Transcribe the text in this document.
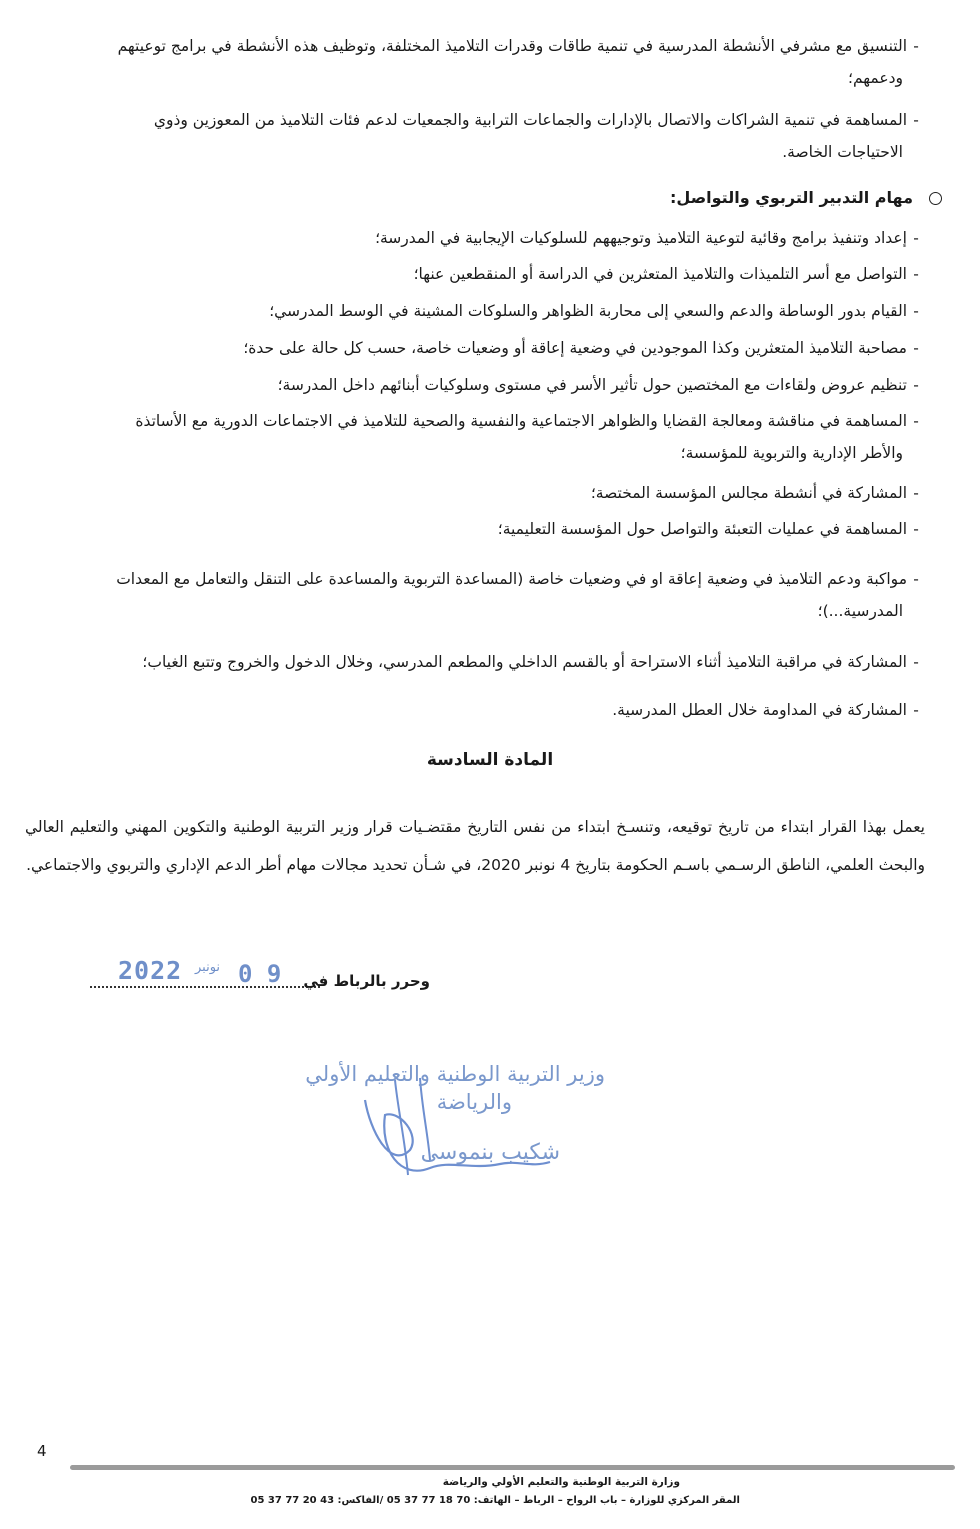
-التنسيق مع مشرفي الأنشطة المدرسية في تنمية طاقات وقدرات التلاميذ المختلفة، وتوظيف هذه الأنشطة في برامج توعيتهم
ودعمهم؛
-المساهمة في تنمية الشراكات والاتصال بالإدارات والجماعات الترابية والجمعيات لدعم فئات التلاميذ من المعوزين وذوي
الاحتياجات الخاصة.
مهام التدبير التربوي والتواصل:
-إعداد وتنفيذ برامج وقائية لتوعية التلاميذ وتوجيههم للسلوكيات الإيجابية في المدرسة؛
-التواصل مع أسر التلميذات والتلاميذ المتعثرين في الدراسة أو المنقطعين عنها؛
-القيام بدور الوساطة والدعم والسعي إلى محاربة الظواهر والسلوكات المشينة في الوسط المدرسي؛
-مصاحبة التلاميذ المتعثرين وكذا الموجودين في وضعية إعاقة أو وضعيات خاصة، حسب كل حالة على حدة؛
-تنظيم عروض ولقاءات مع المختصين حول تأثير الأسر في مستوى وسلوكيات أبنائهم داخل المدرسة؛
-المساهمة في مناقشة ومعالجة القضايا والظواهر الاجتماعية والنفسية والصحية للتلاميذ في الاجتماعات الدورية مع الأساتذة
والأطر الإدارية والتربوية للمؤسسة؛
-المشاركة في أنشطة مجالس المؤسسة المختصة؛
-المساهمة في عمليات التعبئة والتواصل حول المؤسسة التعليمية؛
-مواكبة ودعم التلاميذ في وضعية إعاقة او في وضعيات خاصة (المساعدة التربوية والمساعدة على التنقل والتعامل مع المعدات
المدرسية...)؛
-المشاركة في مراقبة التلاميذ أثناء الاستراحة أو بالقسم الداخلي والمطعم المدرسي، وخلال الدخول والخروج وتتبع الغياب؛
-المشاركة في المداومة خلال العطل المدرسية.
المادة السادسة
يعمل بهذا القرار ابتداء من تاريخ توقيعه، وتنسـخ ابتداء من نفس التاريخ مقتضـيات قرار وزير التربية الوطنية والتكوين المهني والتعليم العالي والبحث العلمي، الناطق الرسـمي باسـم الحكومة بتاريخ 4 نونبر 2020، في شـأن تحديد مجالات مهام أطر الدعم الإداري والتربوي والاجتماعي.
وحرر بالرباط في
2022 نونبر 0 9
وزير التربية الوطنية والتعليم الأولي
والرياضة
شكيب بنموسى
4
وزارة التربية الوطنية والتعليم الأولي والرياضة
المقر المركزي للوزارة – باب الرواح – الرباط – الهاتف: 70 18 77 37 05 /الفاكس: 43 20 77 37 05
